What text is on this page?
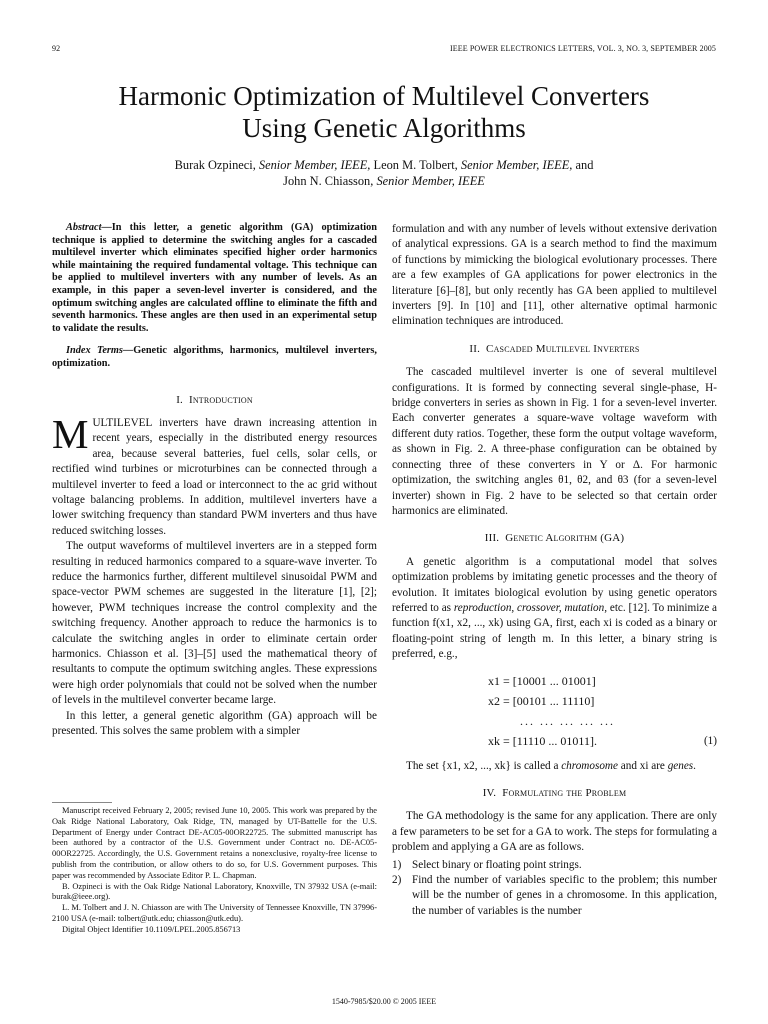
92	IEEE POWER ELECTRONICS LETTERS, VOL. 3, NO. 3, SEPTEMBER 2005
Harmonic Optimization of Multilevel Converters
Using Genetic Algorithms
Burak Ozpineci, Senior Member, IEEE, Leon M. Tolbert, Senior Member, IEEE, and
John N. Chiasson, Senior Member, IEEE

Abstract—In this letter, a genetic algorithm (GA) optimization technique is applied to determine the switching angles for a cascaded multilevel inverter which eliminates specified higher order harmonics while maintaining the required fundamental voltage. This technique can be applied to multilevel inverters with any number of levels. As an example, in this paper a seven-level inverter is considered, and the optimum switching angles are calculated offline to eliminate the fifth and seventh harmonics. These angles are then used in an experimental setup to validate the results.

Index Terms—Genetic algorithms, harmonics, multilevel inverters, optimization.

I. Introduction

MULTILEVEL inverters have drawn increasing attention in recent years, especially in the distributed energy resources area, because several batteries, fuel cells, solar cells, or rectified wind turbines or microturbines can be connected through a multilevel inverter to feed a load or interconnect to the ac grid without voltage balancing problems. In addition, multilevel inverters have a lower switching frequency than standard PWM inverters and thus have reduced switching losses.

The output waveforms of multilevel inverters are in a stepped form resulting in reduced harmonics compared to a square-wave inverter. To reduce the harmonics further, different multilevel sinusoidal PWM and space-vector PWM schemes are suggested in the literature [1], [2]; however, PWM techniques increase the control complexity and the switching frequency. Another approach to reduce the harmonics is to calculate the switching angles in order to eliminate certain order harmonics. Chiasson et al. [3]–[5] used the mathematical theory of resultants to compute the optimum switching angles. These expressions were high order polynomials that could not be solved when the number of levels in the multilevel converter became large.

In this letter, a general genetic algorithm (GA) approach will be presented. This solves the same problem with a simpler

Manuscript received February 2, 2005; revised June 10, 2005. This work was prepared by the Oak Ridge National Laboratory, Oak Ridge, TN, managed by UT-Battelle for the U.S. Department of Energy under Contract DE-AC05-00OR22725. The submitted manuscript has been authored by a contractor of the U.S. Government under Contract no. DE-AC05-00OR22725. Accordingly, the U.S. Government retains a nonexclusive, royalty-free license to publish from the contribution, or allow others to do so, for U.S. Government purposes. This paper was recommended by Associate Editor P. L. Chapman.

B. Ozpineci is with the Oak Ridge National Laboratory, Knoxville, TN 37932 USA (e-mail: burak@ieee.org).

L. M. Tolbert and J. N. Chiasson are with The University of Tennessee Knoxville, TN 37996-2100 USA (e-mail: tolbert@utk.edu; chiasson@utk.edu).

Digital Object Identifier 10.1109/LPEL.2005.856713

formulation and with any number of levels without extensive derivation of analytical expressions. GA is a search method to find the maximum of functions by mimicking the biological evolutionary processes. There are a few examples of GA applications for power electronics in the literature [6]–[8], but only recently has GA been applied to multilevel inverters [9]. In [10] and [11], other alternative optimal harmonic elimination techniques are introduced.

II. Cascaded Multilevel Inverters

The cascaded multilevel inverter is one of several multilevel configurations. It is formed by connecting several single-phase, H-bridge converters in series as shown in Fig. 1 for a seven-level inverter. Each converter generates a square-wave voltage waveform with different duty ratios. Together, these form the output voltage waveform, as shown in Fig. 2. A three-phase configuration can be obtained by connecting three of these converters in Y or Δ. For harmonic optimization, the switching angles θ1, θ2, and θ3 (for a seven-level inverter) shown in Fig. 2 have to be selected so that certain order harmonics are eliminated.

III. Genetic Algorithm (GA)

A genetic algorithm is a computational model that solves optimization problems by imitating genetic processes and the theory of evolution. It imitates biological evolution by using genetic operators referred to as reproduction, crossover, mutation, etc. [12]. To minimize a function f(x1, x2, ..., xk) using GA, first, each xi is coded as a binary or floating-point string of length m. In this letter, a binary string is preferred, e.g.,

x1 = [10001 ... 01001]
x2 = [00101 ... 11110]
... ... ... ... ...
xk = [11110 ... 01011].	(1)

The set {x1, x2, ..., xk} is called a chromosome and xi are genes.

IV. Formulating the Problem

The GA methodology is the same for any application. There are only a few parameters to be set for a GA to work. The steps for formulating a problem and applying a GA are as follows.

1) Select binary or floating point strings.
2) Find the number of variables specific to the problem; this number will be the number of genes in a chromosome. In this application, the number of variables is the number
1540-7985/$20.00 © 2005 IEEE
